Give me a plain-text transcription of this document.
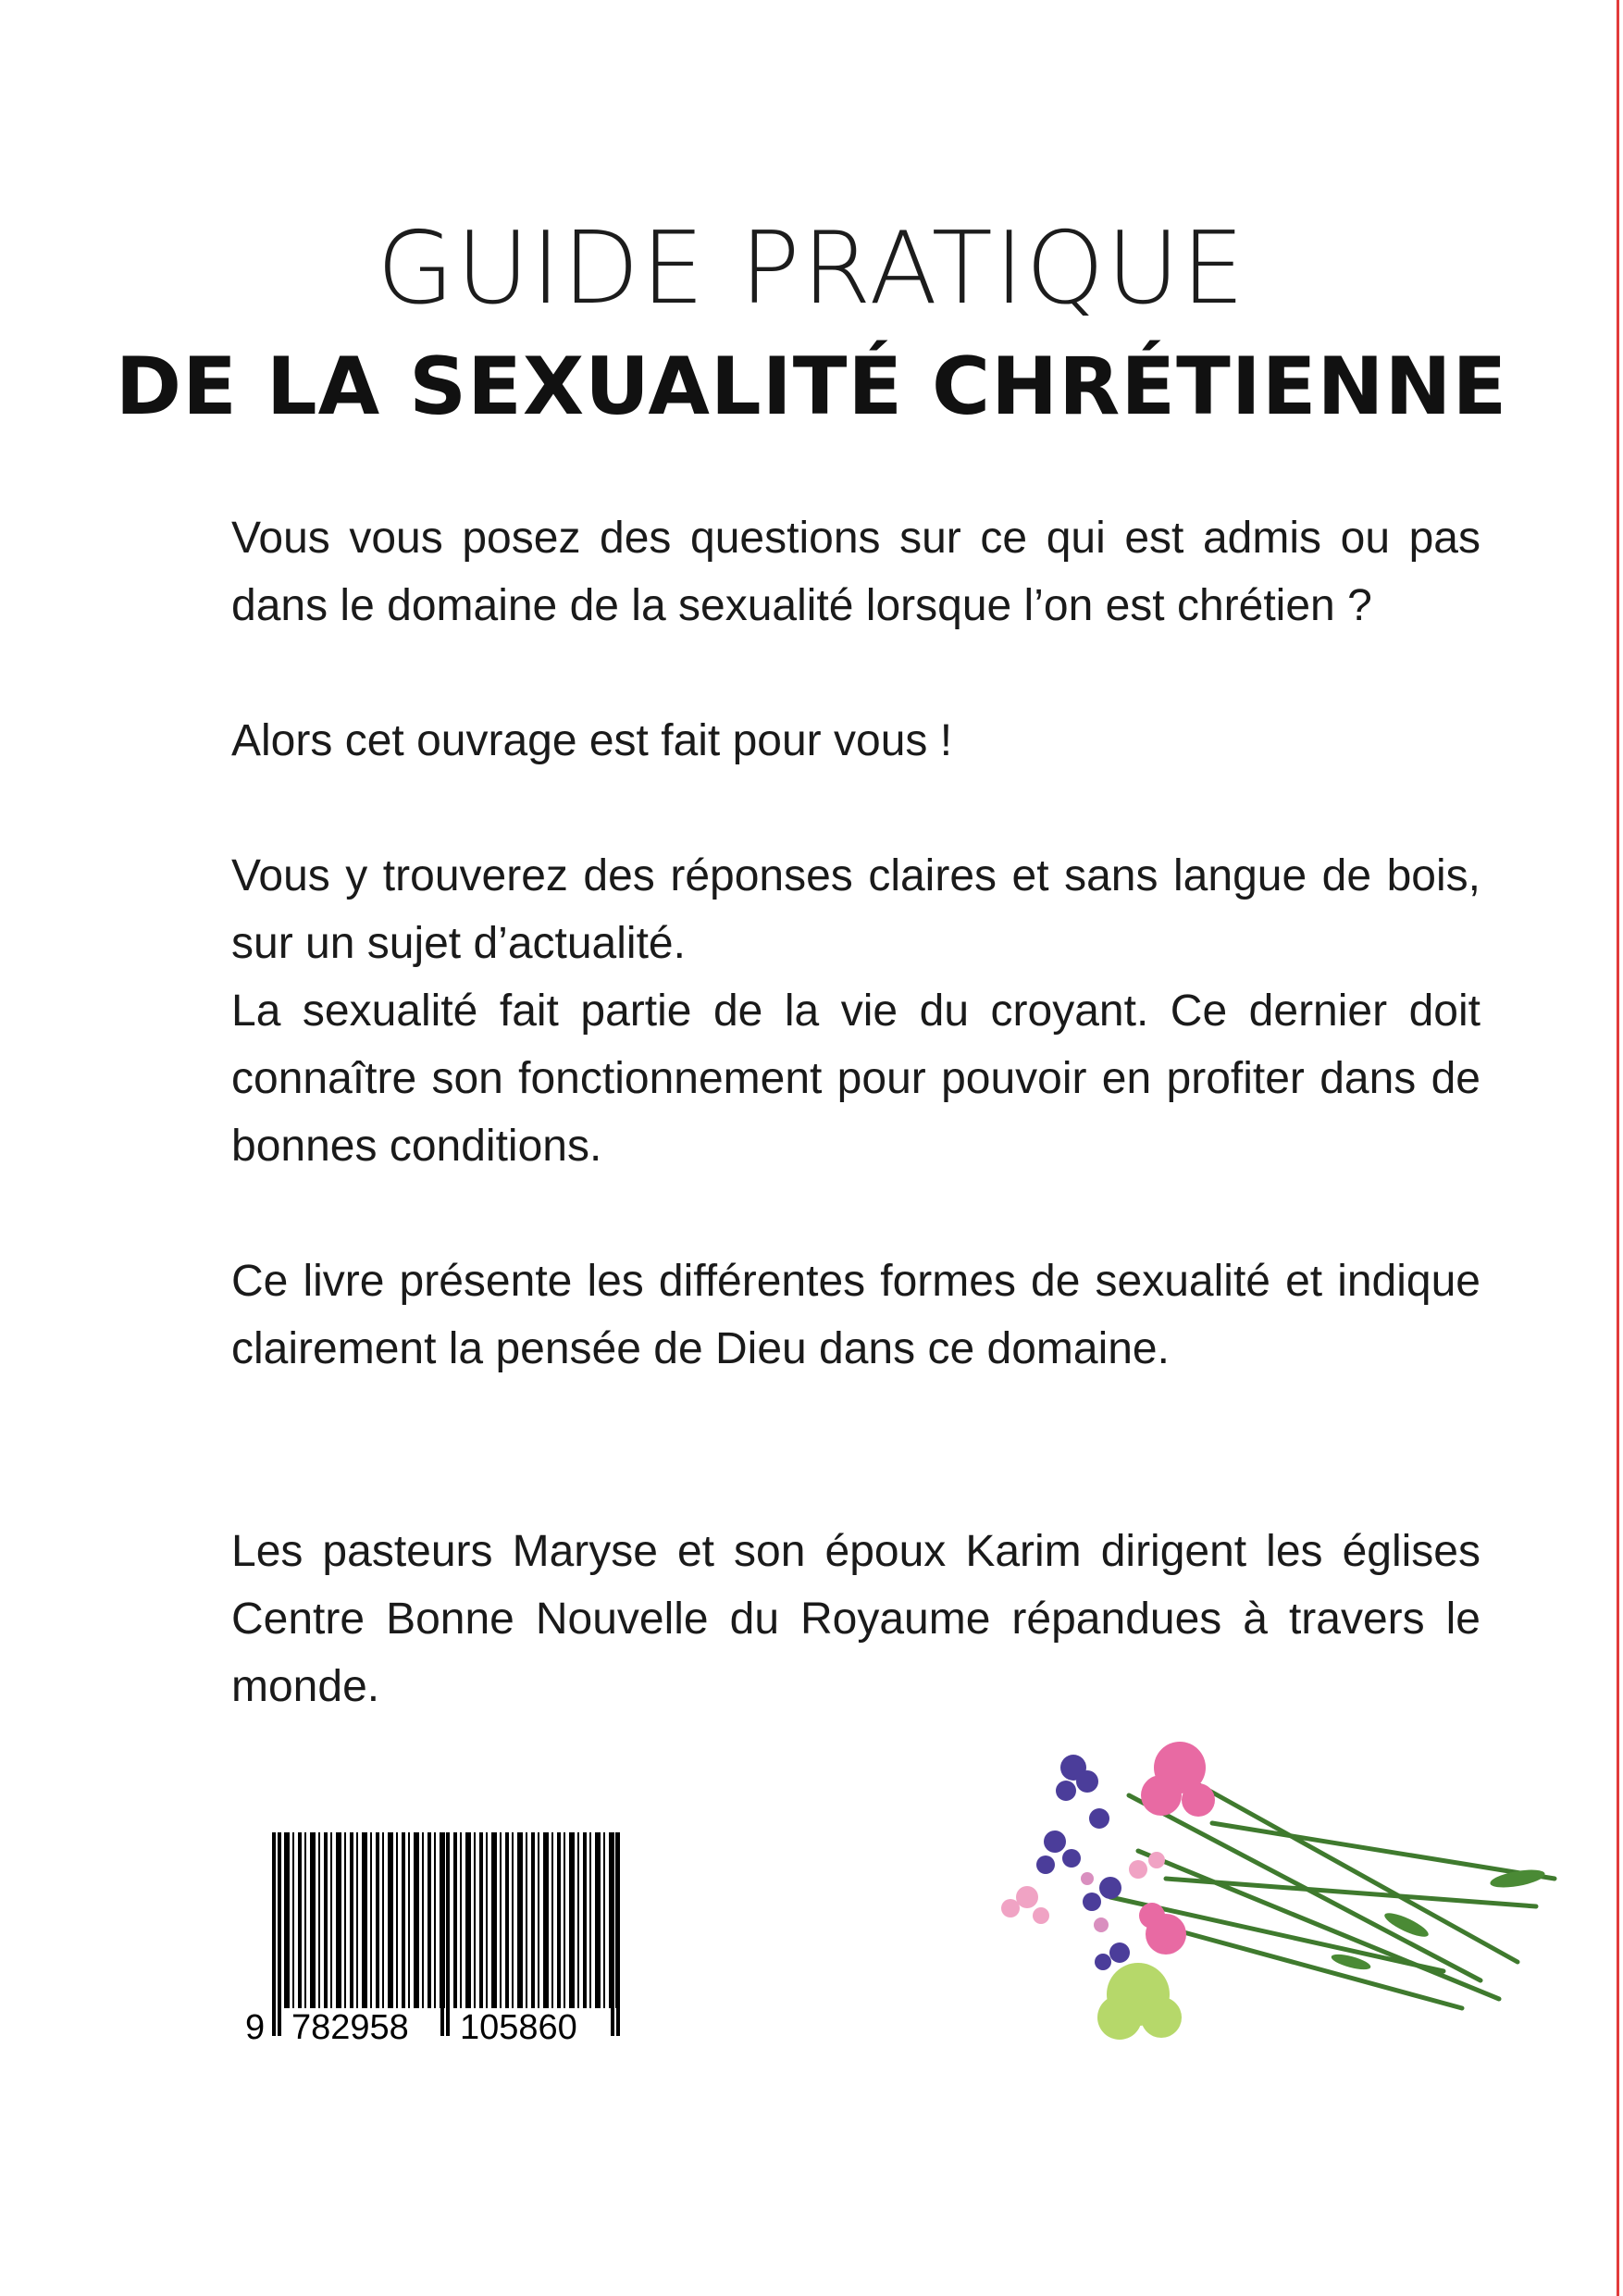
GUIDE PRATIQUE
DE LA SEXUALITÉ CHRÉTIENNE

Vous vous posez des questions sur ce qui est admis ou pas dans le domaine de la sexualité lorsque l’on est chrétien ?

Alors cet ouvrage est fait pour vous !

Vous y trouverez des réponses claires et sans langue de bois, sur un sujet d’actualité.

La sexualité fait partie de la vie du croyant. Ce dernier doit connaître son fonctionnement pour pouvoir en profiter dans de bonnes conditions.

Ce livre présente les différentes formes de sexualité et indique clairement la pensée de Dieu dans ce domaine.

Les pasteurs Maryse et son époux Karim dirigent les églises Centre Bonne Nouvelle du Royaume répandues à travers le monde.

9 782958 105860
